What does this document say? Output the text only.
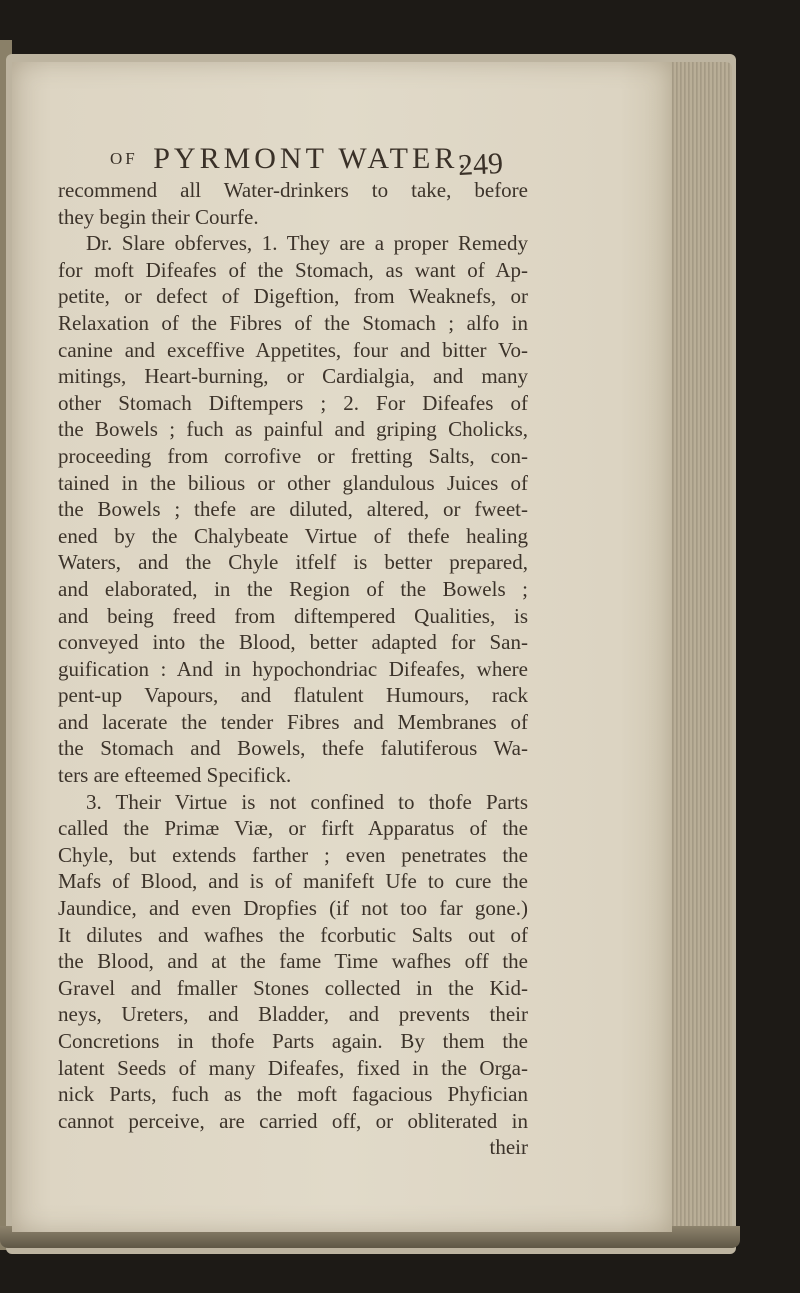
OF PYRMONT WATER.
249
recommend all Water-drinkers to take, before
they begin their Courfe.
Dr. Slare obferves, 1. They are a proper Remedy
for moft Difeafes of the Stomach, as want of Ap-
petite, or defect of Digeftion, from Weaknefs, or
Relaxation of the Fibres of the Stomach ; alfo in
canine and exceffive Appetites, four and bitter Vo-
mitings, Heart-burning, or Cardialgia, and many
other Stomach Diftempers ; 2. For Difeafes of
the Bowels ; fuch as painful and griping Cholicks,
proceeding from corrofive or fretting Salts, con-
tained in the bilious or other glandulous Juices of
the Bowels ; thefe are diluted, altered, or fweet-
ened by the Chalybeate Virtue of thefe healing
Waters, and the Chyle itfelf is better prepared,
and elaborated, in the Region of the Bowels ;
and being freed from diftempered Qualities, is
conveyed into the Blood, better adapted for San-
guification : And in hypochondriac Difeafes, where
pent-up Vapours, and flatulent Humours, rack
and lacerate the tender Fibres and Membranes of
the Stomach and Bowels, thefe falutiferous Wa-
ters are efteemed Specifick.
3. Their Virtue is not confined to thofe Parts
called the Primæ Viæ, or firft Apparatus of the
Chyle, but extends farther ; even penetrates the
Mafs of Blood, and is of manifeft Ufe to cure the
Jaundice, and even Dropfies (if not too far gone.)
It dilutes and wafhes the fcorbutic Salts out of
the Blood, and at the fame Time wafhes off the
Gravel and fmaller Stones collected in the Kid-
neys, Ureters, and Bladder, and prevents their
Concretions in thofe Parts again. By them the
latent Seeds of many Difeafes, fixed in the Orga-
nick Parts, fuch as the moft fagacious Phyfician
cannot perceive, are carried off, or obliterated in
their
